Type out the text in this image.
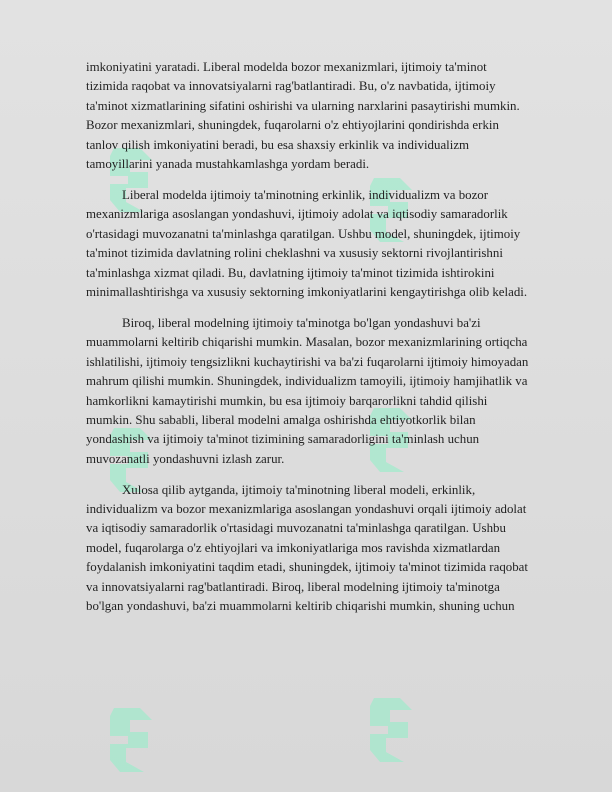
imkoniyatini yaratadi. Liberal modelda bozor mexanizmlari, ijtimoiy ta'minot
tizimida raqobat va innovatsiyalarni rag'batlantiradi. Bu, o'z navbatida, ijtimoiy
ta'minot xizmatlarining sifatini oshirishi va ularning narxlarini pasaytirishi mumkin.
Bozor mexanizmlari, shuningdek, fuqarolarni o'z ehtiyojlarini qondirishda erkin
tanlov qilish imkoniyatini beradi, bu esa shaxsiy erkinlik va individualizm
tamoyillarini yanada mustahkamlashga yordam beradi.

Liberal modelda ijtimoiy ta'minotning erkinlik, individualizm va bozor
mexanizmlariga asoslangan yondashuvi, ijtimoiy adolat va iqtisodiy samaradorlik
o'rtasidagi muvozanatni ta'minlashga qaratilgan. Ushbu model, shuningdek, ijtimoiy
ta'minot tizimida davlatning rolini cheklashni va xususiy sektorni rivojlantirishni
ta'minlashga xizmat qiladi. Bu, davlatning ijtimoiy ta'minot tizimida ishtirokini
minimallashtirishga va xususiy sektorning imkoniyatlarini kengaytirishga olib keladi.

Biroq, liberal modelning ijtimoiy ta'minotga bo'lgan yondashuvi ba'zi
muammolarni keltirib chiqarishi mumkin. Masalan, bozor mexanizmlarining ortiqcha
ishlatilishi, ijtimoiy tengsizlikni kuchaytirishi va ba'zi fuqarolarni ijtimoiy himoyadan
mahrum qilishi mumkin. Shuningdek, individualizm tamoyili, ijtimoiy hamjihatlik va
hamkorlikni kamaytirishi mumkin, bu esa ijtimoiy barqarorlikni tahdid qilishi
mumkin. Shu sababli, liberal modelni amalga oshirishda ehtiyotkorlik bilan
yondashish va ijtimoiy ta'minot tizimining samaradorligini ta'minlash uchun
muvozanatli yondashuvni izlash zarur.

Xulosa qilib aytganda, ijtimoiy ta'minotning liberal modeli, erkinlik,
individualizm va bozor mexanizmlariga asoslangan yondashuvi orqali ijtimoiy adolat
va iqtisodiy samaradorlik o'rtasidagi muvozanatni ta'minlashga qaratilgan. Ushbu
model, fuqarolarga o'z ehtiyojlari va imkoniyatlariga mos ravishda xizmatlardan
foydalanish imkoniyatini taqdim etadi, shuningdek, ijtimoiy ta'minot tizimida raqobat
va innovatsiyalarni rag'batlantiradi. Biroq, liberal modelning ijtimoiy ta'minotga
bo'lgan yondashuvi, ba'zi muammolarni keltirib chiqarishi mumkin, shuning uchun
